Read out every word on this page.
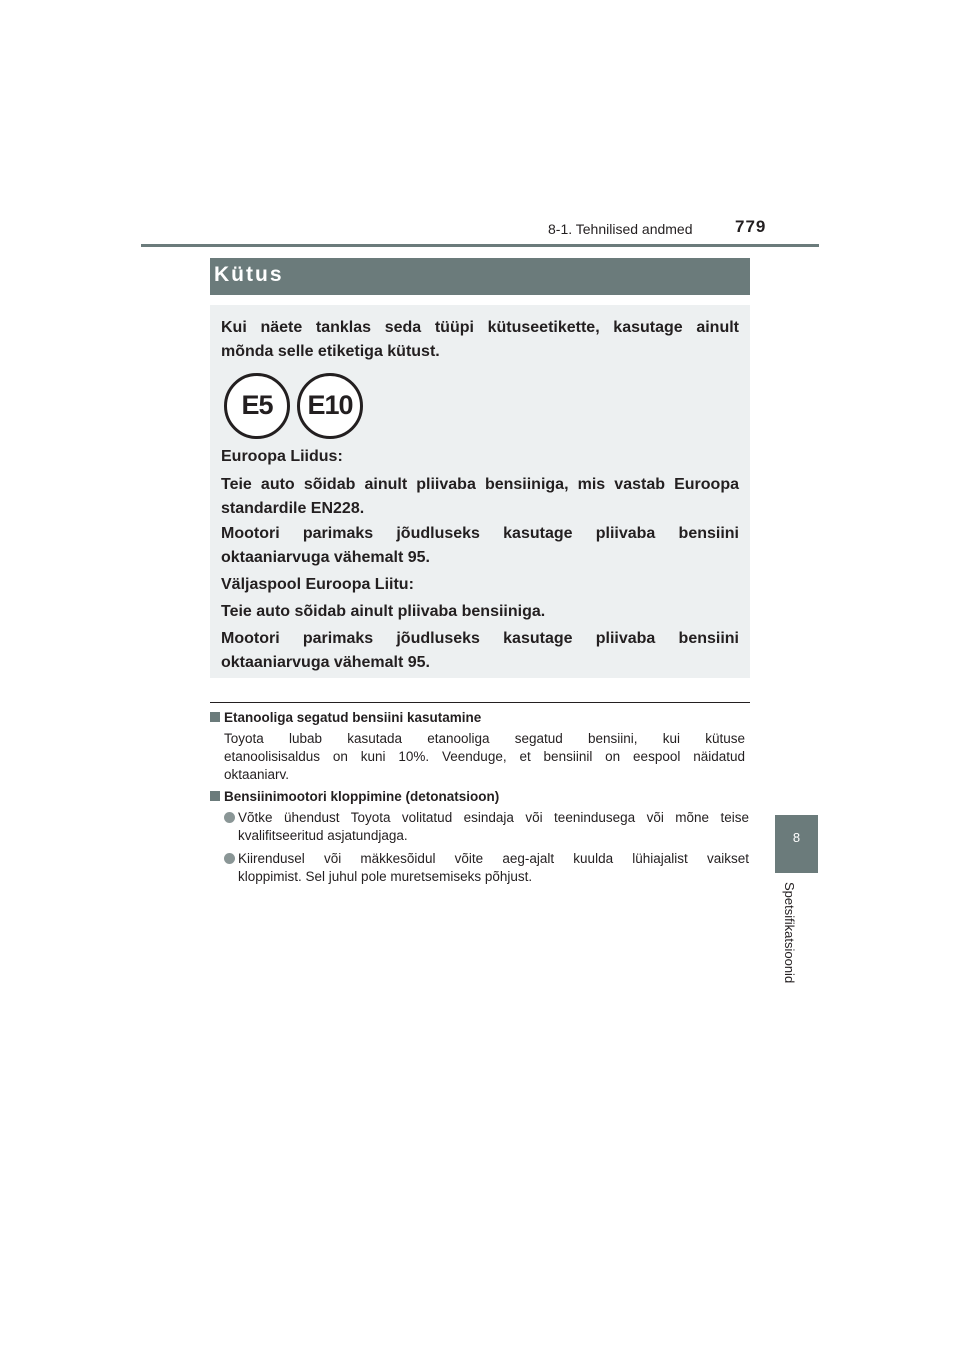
8-1. Tehnilised andmed 779
8
Spetsifikatsioonid
Kütus
Kui näete tanklas seda tüüpi kütuseetikette, kasutage ainult
mõnda selle etiketiga kütust.
E5	E10
Euroopa Liidus:
Teie auto sõidab ainult pliivaba bensiiniga, mis vastab Euroopa
standardile EN228.
Mootori parimaks jõudluseks kasutage pliivaba bensiini
oktaaniarvuga vähemalt 95.
Väljaspool Euroopa Liitu:
Teie auto sõidab ainult pliivaba bensiiniga.
Mootori parimaks jõudluseks kasutage pliivaba bensiini
oktaaniarvuga vähemalt 95.
Etanooliga segatud bensiini kasutamine
Toyota lubab kasutada etanooliga segatud bensiini, kui kütuse
etanoolisisaldus on kuni 10%. Veenduge, et bensiinil on eespool näidatud
oktaaniarv.
Bensiinimootori kloppimine (detonatsioon)
Võtke ühendust Toyota volitatud esindaja või teenindusega või mõne teise
kvalifitseeritud asjatundjaga.
Kiirendusel või mäkkesõidul võite aeg-ajalt kuulda lühiajalist vaikset
kloppimist. Sel juhul pole muretsemiseks põhjust.
